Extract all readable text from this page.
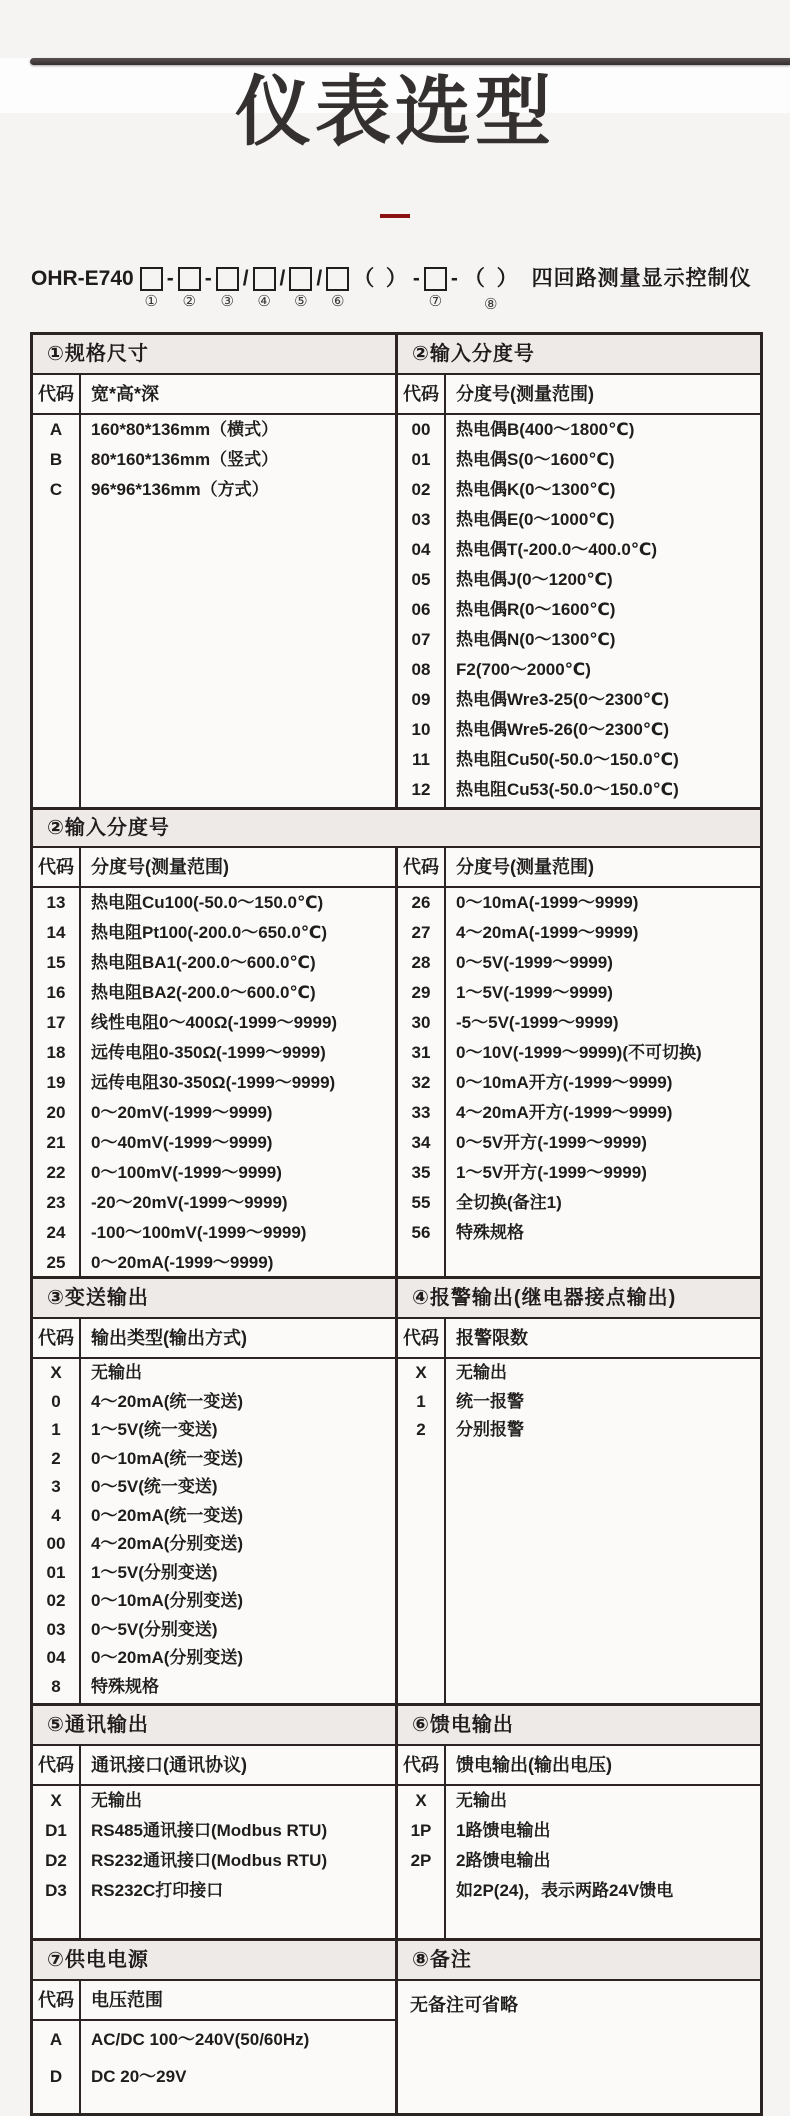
仪表选型
OHR-E740
①
-
②
-
③
/
④
/
⑤
/
⑥
（  ） -
⑦
- （  ）
⑧
四回路测量显示控制仪
①规格尺寸
代码 宽*高*深
A
B
C
160*80*136mm（横式）
80*160*136mm（竖式）
96*96*136mm（方式）
②输入分度号
代码 分度号(测量范围)
00
01
02
03
04
05
06
07
08
09
10
11
12
热电偶B(400～1800℃)
热电偶S(0～1600℃)
热电偶K(0～1300℃)
热电偶E(0～1000℃)
热电偶T(-200.0～400.0℃)
热电偶J(0～1200℃)
热电偶R(0～1600℃)
热电偶N(0～1300℃)
F2(700～2000℃)
热电偶Wre3-25(0～2300℃)
热电偶Wre5-26(0～2300℃)
热电阻Cu50(-50.0～150.0℃)
热电阻Cu53(-50.0～150.0℃)
②输入分度号
代码 分度号(测量范围)
13
14
15
16
17
18
19
20
21
22
23
24
25
热电阻Cu100(-50.0～150.0℃)
热电阻Pt100(-200.0～650.0℃)
热电阻BA1(-200.0～600.0℃)
热电阻BA2(-200.0～600.0℃)
线性电阻0～400Ω(-1999～9999)
远传电阻0-350Ω(-1999～9999)
远传电阻30-350Ω(-1999～9999)
0～20mV(-1999～9999)
0～40mV(-1999～9999)
0～100mV(-1999～9999)
-20～20mV(-1999～9999)
-100～100mV(-1999～9999)
0～20mA(-1999～9999)
代码 分度号(测量范围)
26
27
28
29
30
31
32
33
34
35
55
56
0～10mA(-1999～9999)
4～20mA(-1999～9999)
0～5V(-1999～9999)
1～5V(-1999～9999)
-5～5V(-1999～9999)
0～10V(-1999～9999)(不可切换)
0～10mA开方(-1999～9999)
4～20mA开方(-1999～9999)
0～5V开方(-1999～9999)
1～5V开方(-1999～9999)
全切换(备注1)
特殊规格
③变送输出
代码 输出类型(输出方式)
X
0
1
2
3
4
00
01
02
03
04
8
无输出
4～20mA(统一变送)
1～5V(统一变送)
0～10mA(统一变送)
0～5V(统一变送)
0～20mA(统一变送)
4～20mA(分别变送)
1～5V(分别变送)
0～10mA(分别变送)
0～5V(分别变送)
0～20mA(分别变送)
特殊规格
④报警输出(继电器接点输出)
代码 报警限数
X
1
2
无输出
统一报警
分别报警
⑤通讯输出
代码 通讯接口(通讯协议)
X
D1
D2
D3
无输出
RS485通讯接口(Modbus RTU)
RS232通讯接口(Modbus RTU)
RS232C打印接口
⑥馈电输出
代码 馈电输出(输出电压)
X
1P
2P
无输出
1路馈电输出
2路馈电输出
如2P(24)，表示两路24V馈电
⑦供电电源
代码 电压范围
A
D
AC/DC 100～240V(50/60Hz)
DC 20～29V
⑧备注
无备注可省略
